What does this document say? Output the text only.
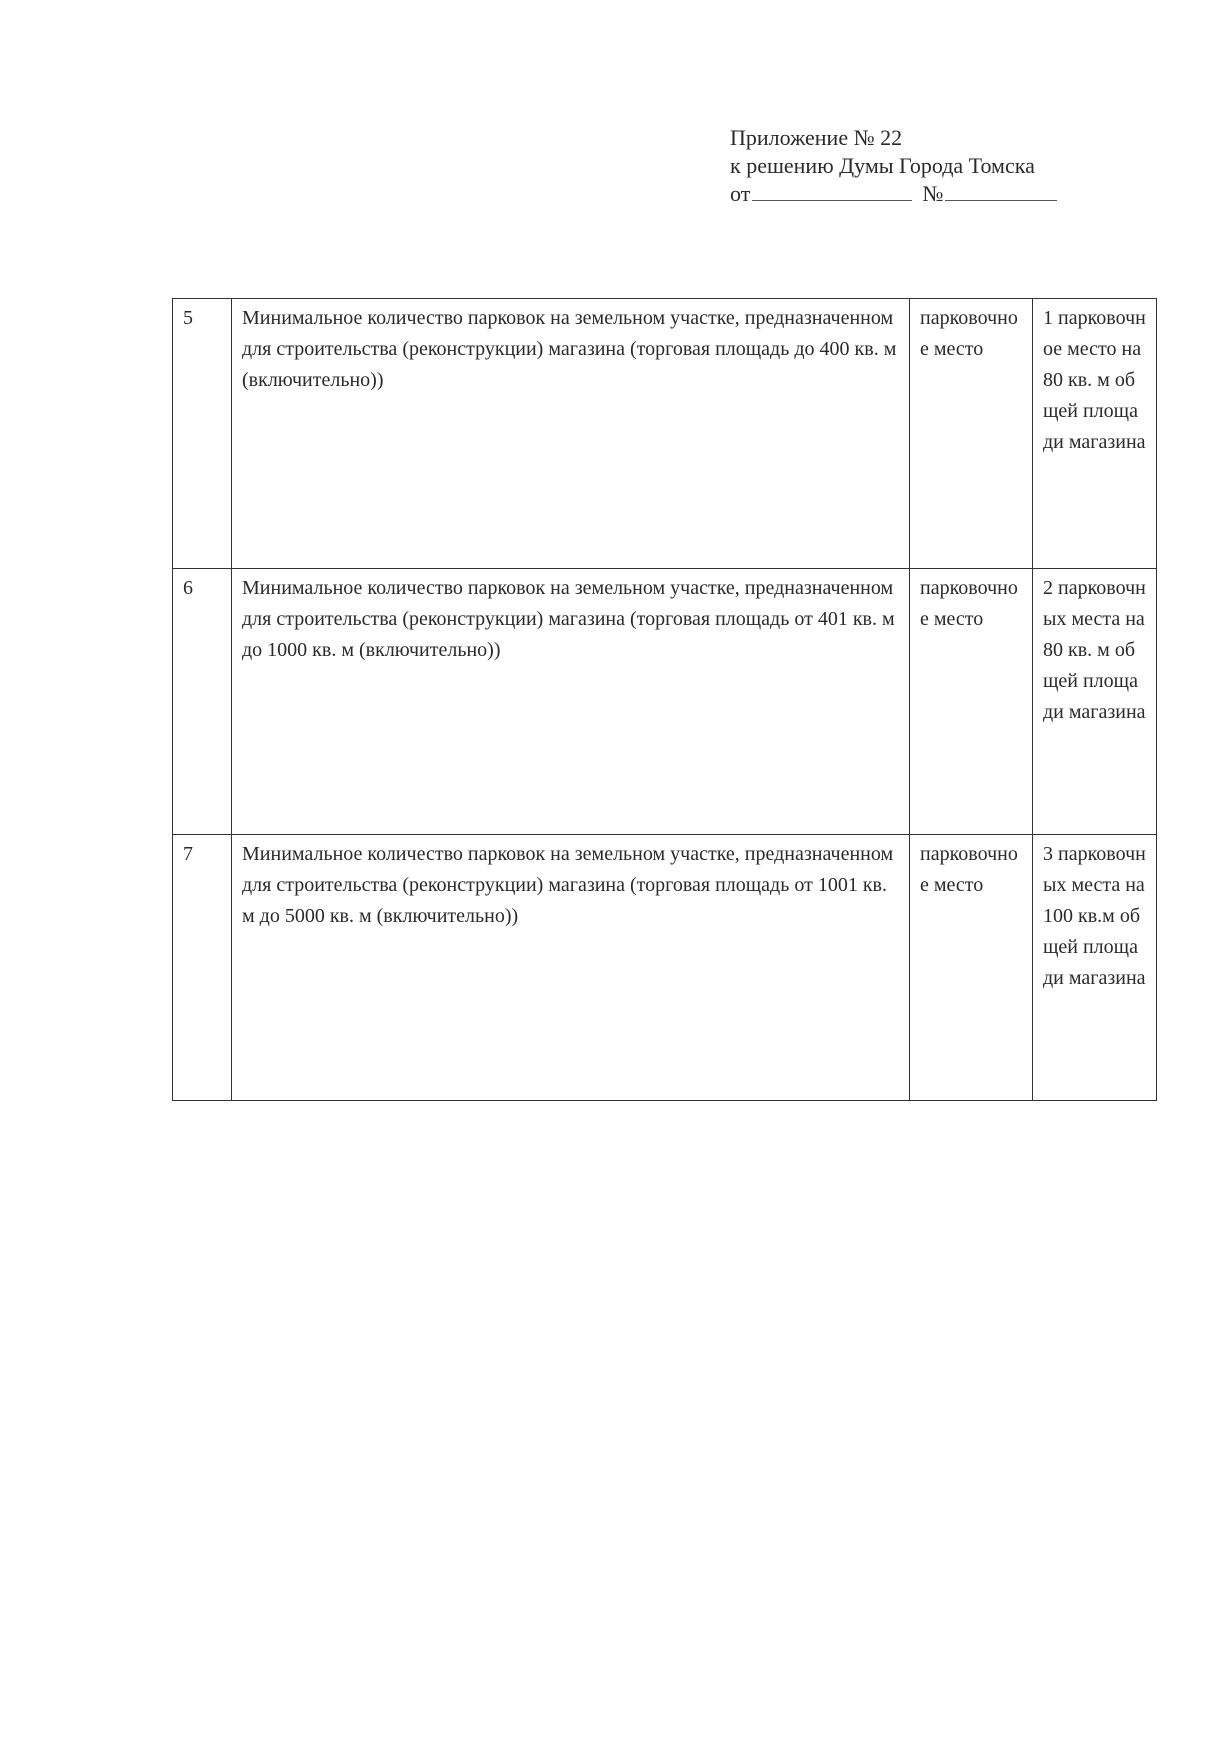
Приложение № 22
к решению Думы Города Томска
от	№
5	Минимальное количество парковок на земельном участке, предназначенном для строительства (реконструкции) магазина (торговая площадь до 400 кв. м (включительно))	парковочное место	1 парковочное место на 80 кв. м общей площади магазина
6	Минимальное количество парковок на земельном участке, предназначенном для строительства (реконструкции) магазина (торговая площадь от 401 кв. м до 1000 кв. м (включительно))	парковочное место	2 парковочных места на 80 кв. м общей площади магазина
7	Минимальное количество парковок на земельном участке, предназначенном для строительства (реконструкции) магазина (торговая площадь от 1001 кв. м до 5000 кв. м (включительно))	парковочное место	3 парковочных места на 100 кв.м общей площади магазина
